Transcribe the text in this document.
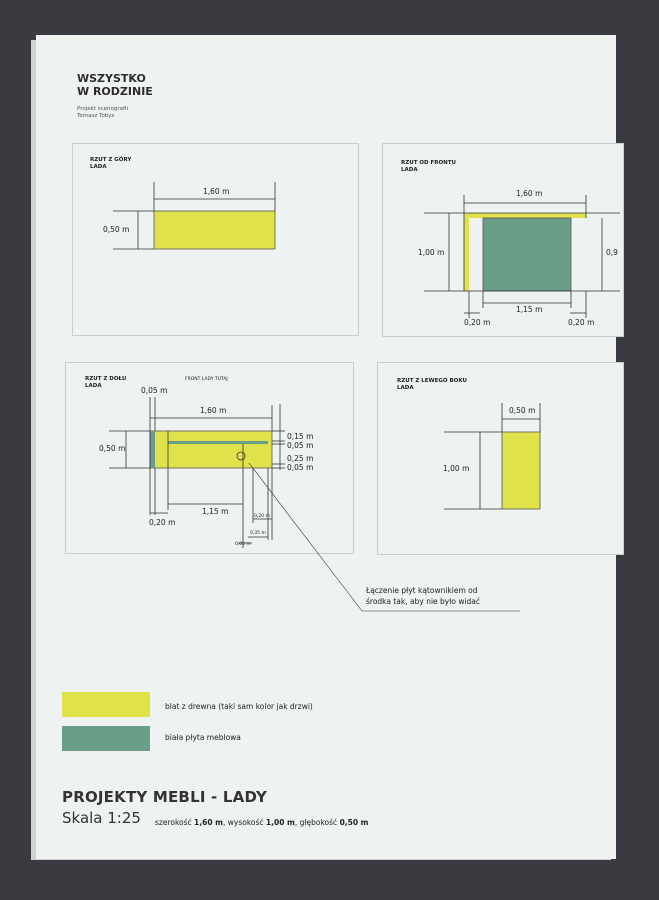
WSZYSTKO
W RODZINIE
Projekt scenografii
Tomasz Tobys
RZUT Z GÓRY
LADA
RZUT OD FRONTU
LADA
RZUT Z DOŁU
LADA
FRONT LADY TUTAJ	RZUT Z LEWEGO BOKU
LADA
1,60 m
0,50 m
1,60 m
1,00 m	0,9
1,15 m
0,20 m	0,20 m
0,05 m
1,60 m
0,50 m
0,15 m
0,05 m
0,25 m
0,05 m
1,15 m
0,20 m
0,20 m
0,35 m
0,05 m
0,50 m
1,00 m
Łączenie płyt kątownikiem od
środka tak, aby nie było widać
blat z drewna (taki sam kolor jak drzwi)
biała płyta meblowa
PROJEKTY MEBLI - LADY
Skala 1:25 szerokość 1,60 m, wysokość 1,00 m, głębokość 0,50 m
